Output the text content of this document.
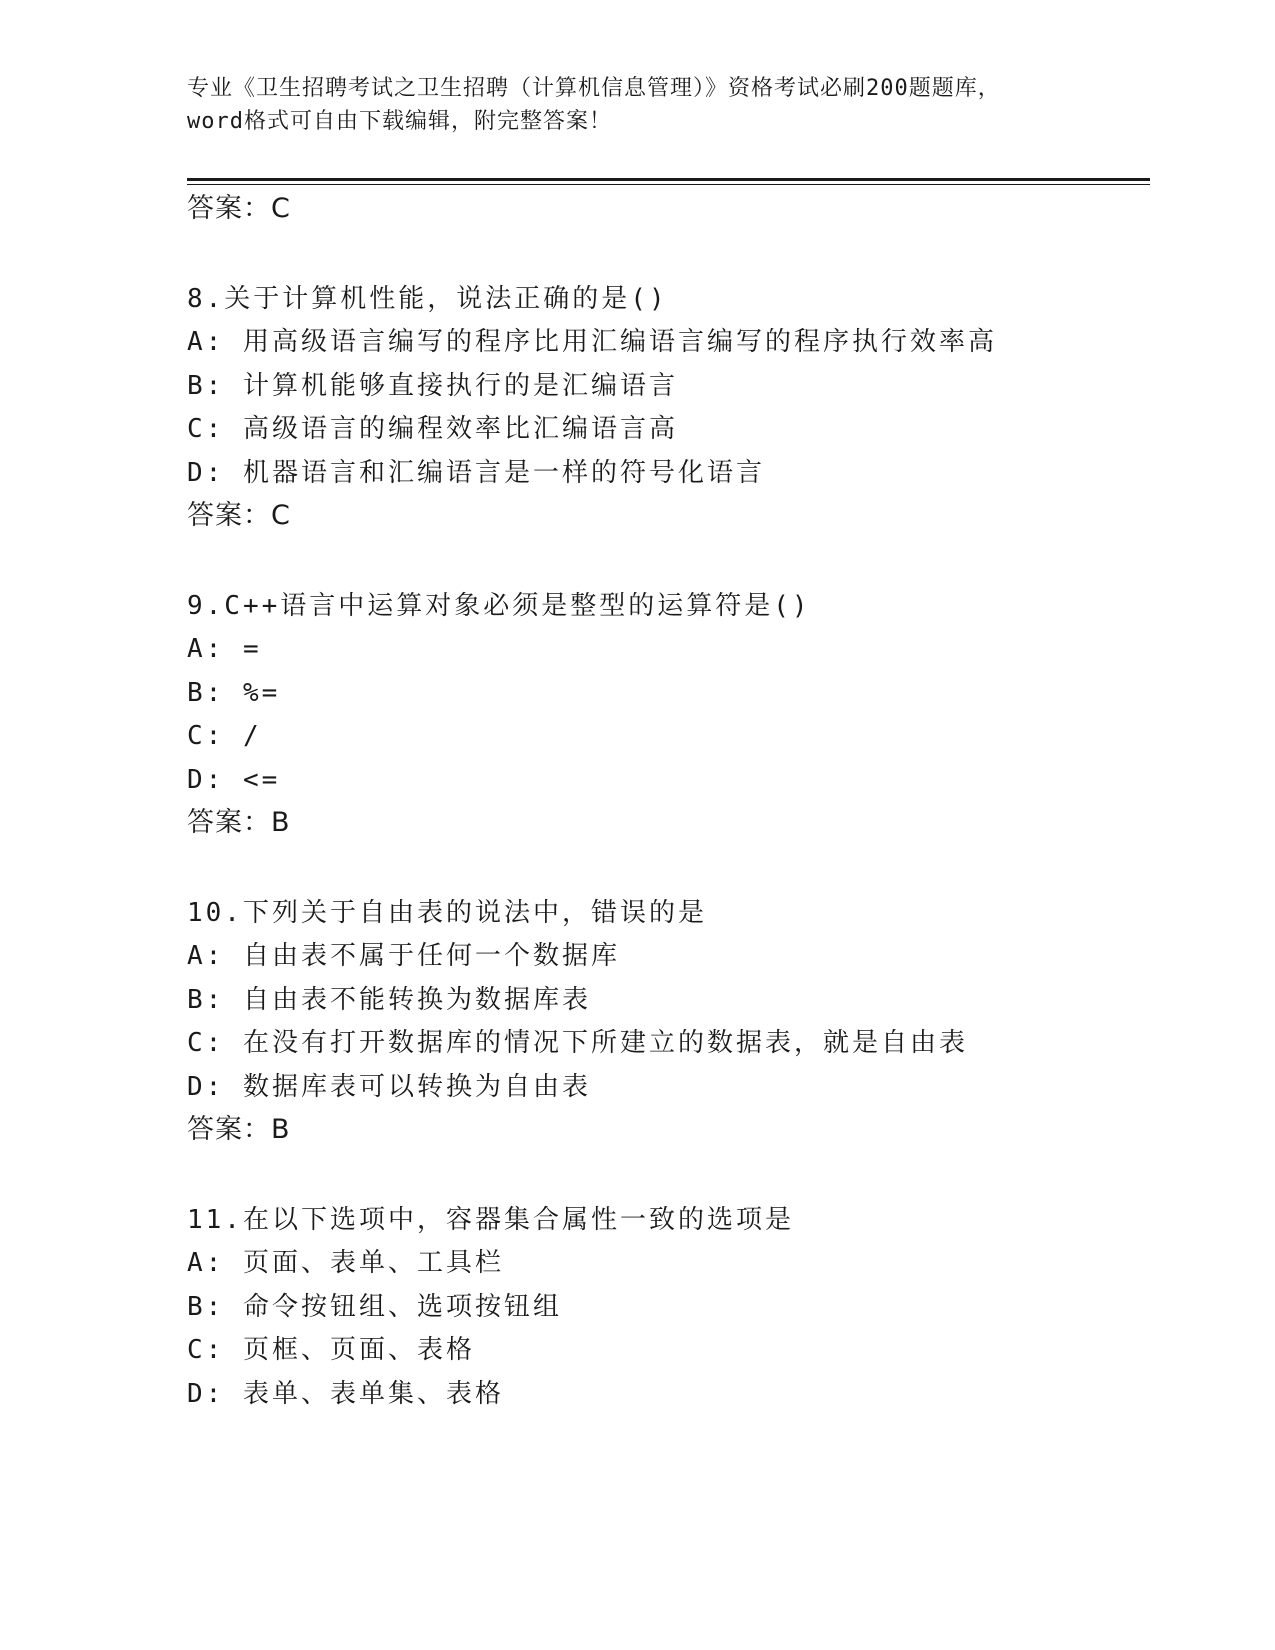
专业《卫生招聘考试之卫生招聘（计算机信息管理）》资格考试必刷200题题库，
word格式可自由下载编辑，附完整答案！
答案：C
8.关于计算机性能，说法正确的是()
A: 用高级语言编写的程序比用汇编语言编写的程序执行效率高
B: 计算机能够直接执行的是汇编语言
C: 高级语言的编程效率比汇编语言高
D: 机器语言和汇编语言是一样的符号化语言
答案：C
9.C++语言中运算对象必须是整型的运算符是()
A: =
B: %=
C: /
D: <=
答案：B
10.下列关于自由表的说法中，错误的是
A: 自由表不属于任何一个数据库
B: 自由表不能转换为数据库表
C: 在没有打开数据库的情况下所建立的数据表，就是自由表
D: 数据库表可以转换为自由表
答案：B
11.在以下选项中，容器集合属性一致的选项是
A: 页面、表单、工具栏
B: 命令按钮组、选项按钮组
C: 页框、页面、表格
D: 表单、表单集、表格
